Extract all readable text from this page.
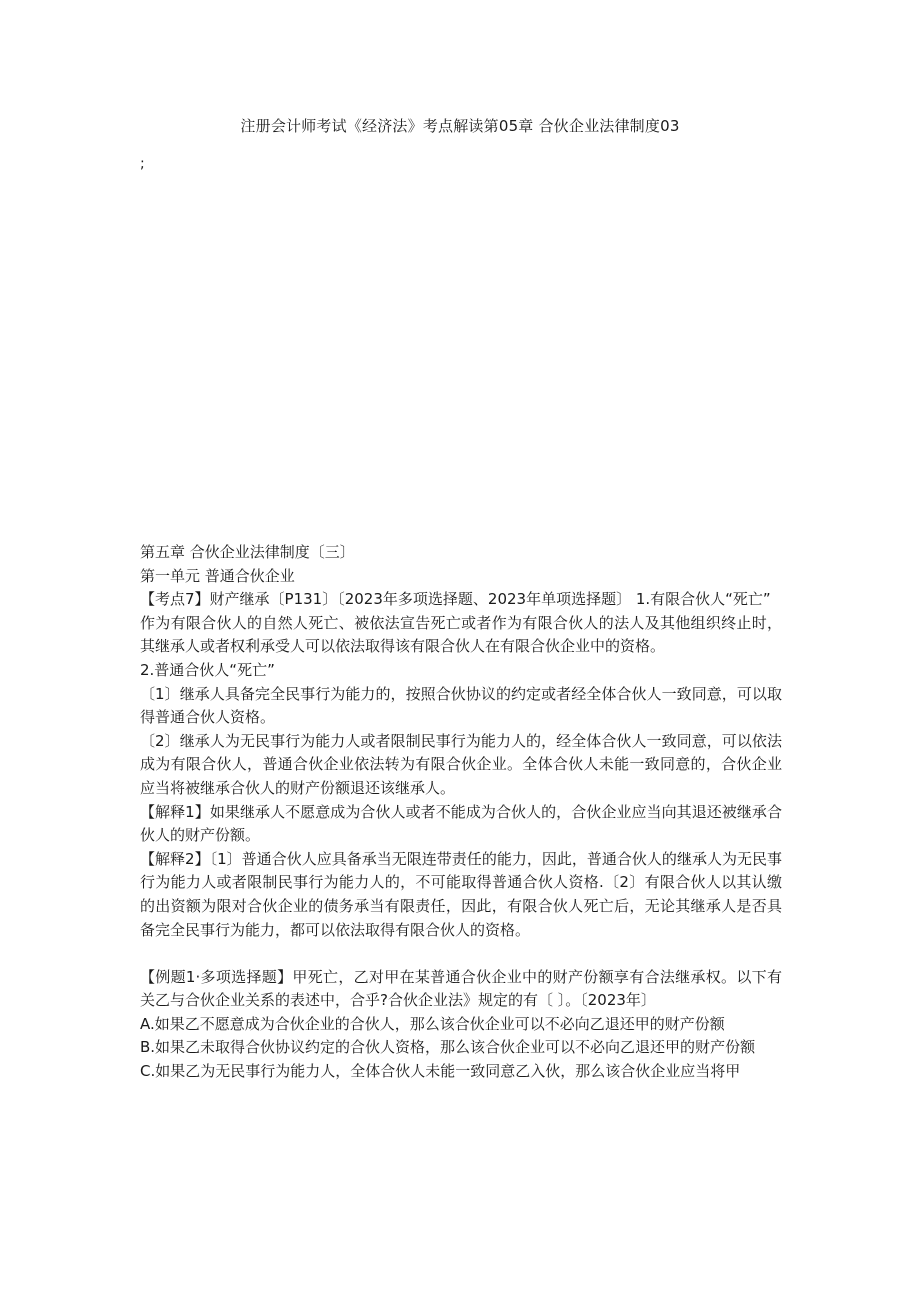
注册会计师考试《经济法》考点解读第05章 合伙企业法律制度03
;

第五章 合伙企业法律制度〔三〕

第一单元 普通合伙企业

【考点7】财产继承〔P131〕〔2023年多项选择题、2023年单项选择题〕 1.有限合伙人“死亡”

作为有限合伙人的自然人死亡、被依法宣告死亡或者作为有限合伙人的法人及其他组织终止时，其继承人或者权利承受人可以依法取得该有限合伙人在有限合伙企业中的资格。

2.普通合伙人“死亡”

〔1〕继承人具备完全民事行为能力的，按照合伙协议的约定或者经全体合伙人一致同意，可以取得普通合伙人资格。

〔2〕继承人为无民事行为能力人或者限制民事行为能力人的，经全体合伙人一致同意，可以依法成为有限合伙人，普通合伙企业依法转为有限合伙企业。全体合伙人未能一致同意的，合伙企业应当将被继承合伙人的财产份额退还该继承人。

【解释1】如果继承人不愿意成为合伙人或者不能成为合伙人的，合伙企业应当向其退还被继承合伙人的财产份额。

【解释2】〔1〕普通合伙人应具备承当无限连带责任的能力，因此，普通合伙人的继承人为无民事行为能力人或者限制民事行为能力人的，不可能取得普通合伙人资格.〔2〕有限合伙人以其认缴的出资额为限对合伙企业的债务承当有限责任，因此，有限合伙人死亡后，无论其继承人是否具备完全民事行为能力，都可以依法取得有限合伙人的资格。

【例题1·多项选择题】甲死亡，乙对甲在某普通合伙企业中的财产份额享有合法继承权。以下有关乙与合伙企业关系的表述中，合乎?合伙企业法》规定的有〔 〕。〔2023年〕

A.如果乙不愿意成为合伙企业的合伙人，那么该合伙企业可以不必向乙退还甲的财产份额

B.如果乙未取得合伙协议约定的合伙人资格，那么该合伙企业可以不必向乙退还甲的财产份额

C.如果乙为无民事行为能力人，全体合伙人未能一致同意乙入伙，那么该合伙企业应当将甲
